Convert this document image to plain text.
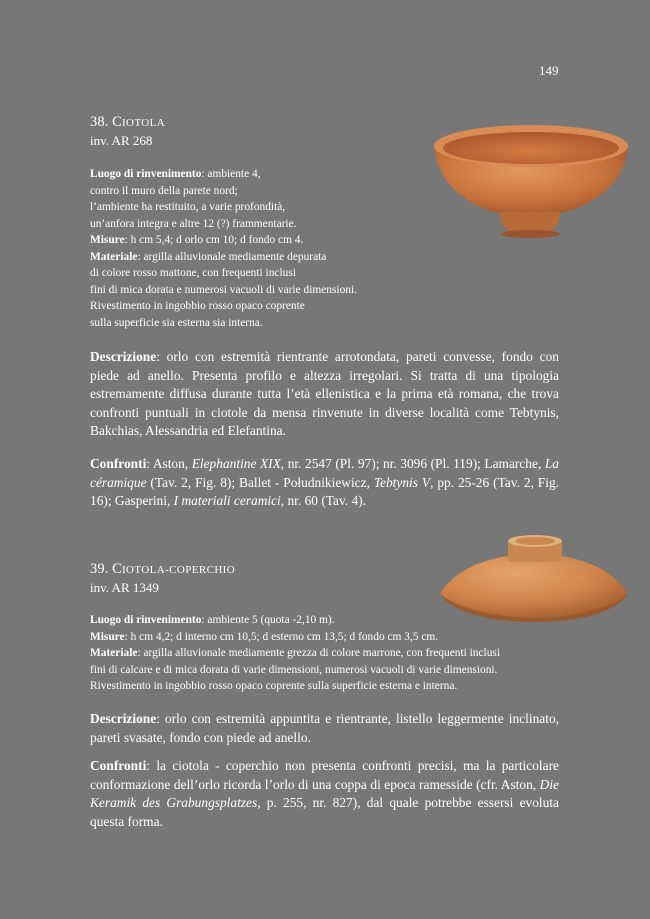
149
38. CIOTOLA
inv. AR 268
Luogo di rinvenimento: ambiente 4,
contro il muro della parete nord;
l’ambiente ha restituito, a varie profondità,
un’anfora integra e altre 12 (?) frammentarie.
Misure: h cm 5,4; d orlo cm 10; d fondo cm 4.
Materiale: argilla alluvionale mediamente depurata
di colore rosso mattone, con frequenti inclusi
fini di mica dorata e numerosi vacuoli di varie dimensioni.
Rivestimento in ingobbio rosso opaco coprente
sulla superficie sia esterna sia interna.
Descrizione: orlo con estremità rientrante arrotondata, pareti convesse, fondo con piede ad anello. Presenta profilo e altezza irregolari. Si tratta di una tipologia estremamente diffusa durante tutta l’età ellenistica e la prima età romana, che trova confronti puntuali in ciotole da mensa rinvenute in diverse località come Tebtynis, Bakchias, Alessandria ed Elefantina.
Confronti: Aston, Elephantine XIX, nr. 2547 (Pl. 97); nr. 3096 (Pl. 119); Lamarche, La céramique (Tav. 2, Fig. 8); Ballet - Południkiewicz, Tebtynis V, pp. 25-26 (Tav. 2, Fig. 16); Gasperini, I materiali ceramici, nr. 60 (Tav. 4).
39. CIOTOLA-COPERCHIO
inv. AR 1349
Luogo di rinvenimento: ambiente 5 (quota -2,10 m).
Misure: h cm 4,2; d interno cm 10,5; d esterno cm 13,5; d fondo cm 3,5 cm.
Materiale: argilla alluvionale mediamente grezza di colore marrone, con frequenti inclusi
fini di calcare e di mica dorata di varie dimensioni, numerosi vacuoli di varie dimensioni.
Rivestimento in ingobbio rosso opaco coprente sulla superficie esterna e interna.
Descrizione: orlo con estremità appuntita e rientrante, listello leggermente inclinato, pareti svasate, fondo con piede ad anello.
Confronti: la ciotola - coperchio non presenta confronti precisi, ma la particolare conformazione dell’orlo ricorda l’orlo di una coppa di epoca ramesside (cfr. Aston, Die Keramik des Grabungsplatzes, p. 255, nr. 827), dal quale potrebbe essersi evoluta questa forma.
